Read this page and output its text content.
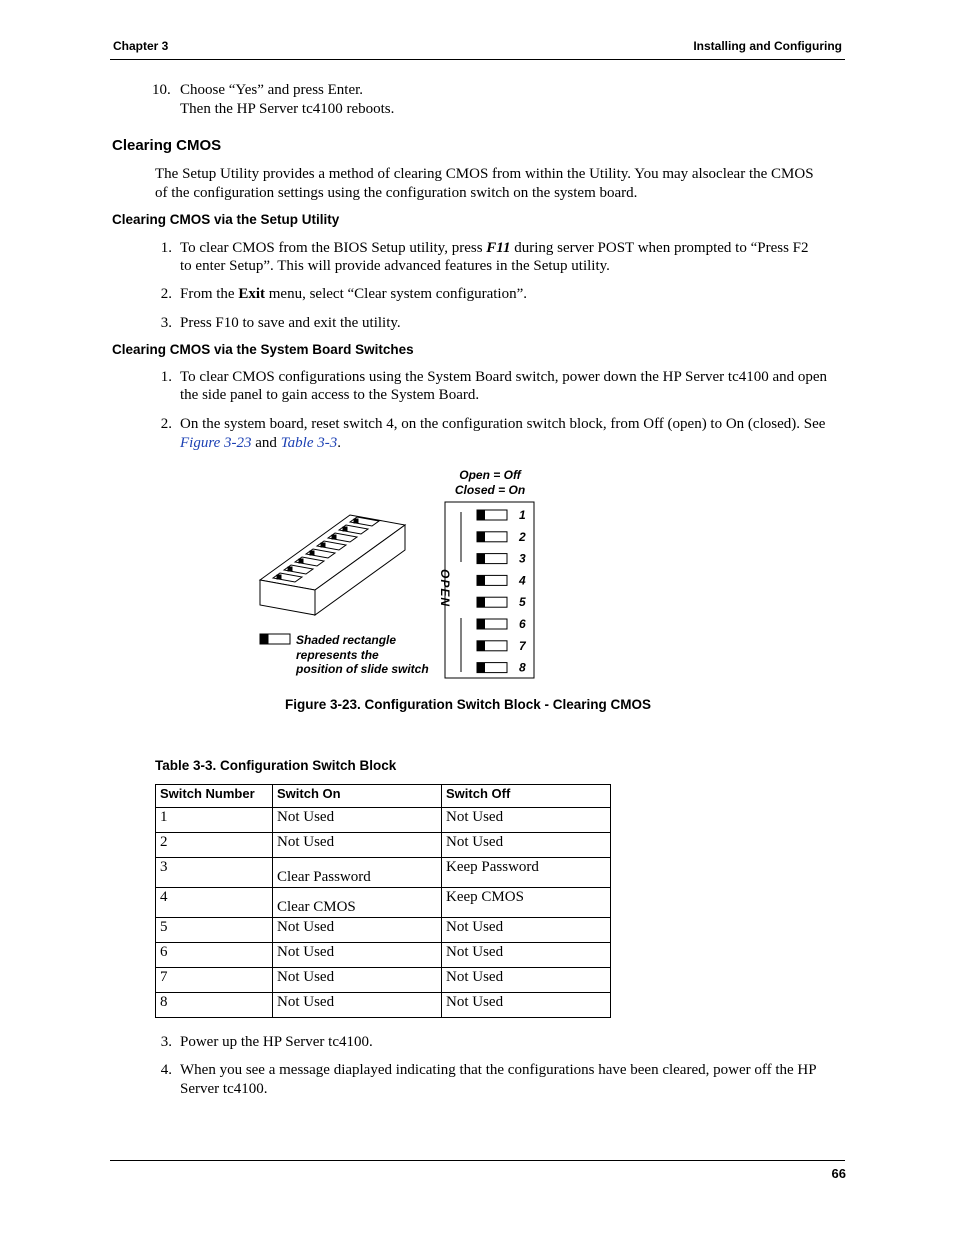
Chapter 3	Installing and Configuring
10. Choose “Yes” and press Enter.
Then the HP Server tc4100 reboots.
Clearing CMOS
The Setup Utility provides a method of clearing CMOS from within the Utility. You may alsoclear the CMOS
of the configuration settings using the configuration switch on the system board.
Clearing CMOS via the Setup Utility
1. To clear CMOS from the BIOS Setup utility, press F11 during server POST when prompted to “Press F2
to enter Setup”. This will provide advanced features in the Setup utility.
2. From the Exit menu, select “Clear system configuration”.
3. Press F10 to save and exit the utility.
Clearing CMOS via the System Board Switches
1. To clear CMOS configurations using the System Board switch, power down the HP Server tc4100 and open
the side panel to gain access to the System Board.
2. On the system board, reset switch 4, on the configuration switch block, from Off (open) to On (closed). See
Figure 3-23 and Table 3-3.
Open = Off
Closed = On
1
2
3
4
5
6
7
8
OPEN
Shaded rectangle
represents the
position of slide switch
Figure 3-23. Configuration Switch Block - Clearing CMOS
Table 3-3. Configuration Switch Block
Switch Number	Switch On	Switch Off
1	Not Used	Not Used
2	Not Used	Not Used
3	Clear Password	Keep Password
4	Clear CMOS	Keep CMOS
5	Not Used	Not Used
6	Not Used	Not Used
7	Not Used	Not Used
8	Not Used	Not Used
3. Power up the HP Server tc4100.
4. When you see a message diaplayed indicating that the configurations have been cleared, power off the HP
Server tc4100.
66
